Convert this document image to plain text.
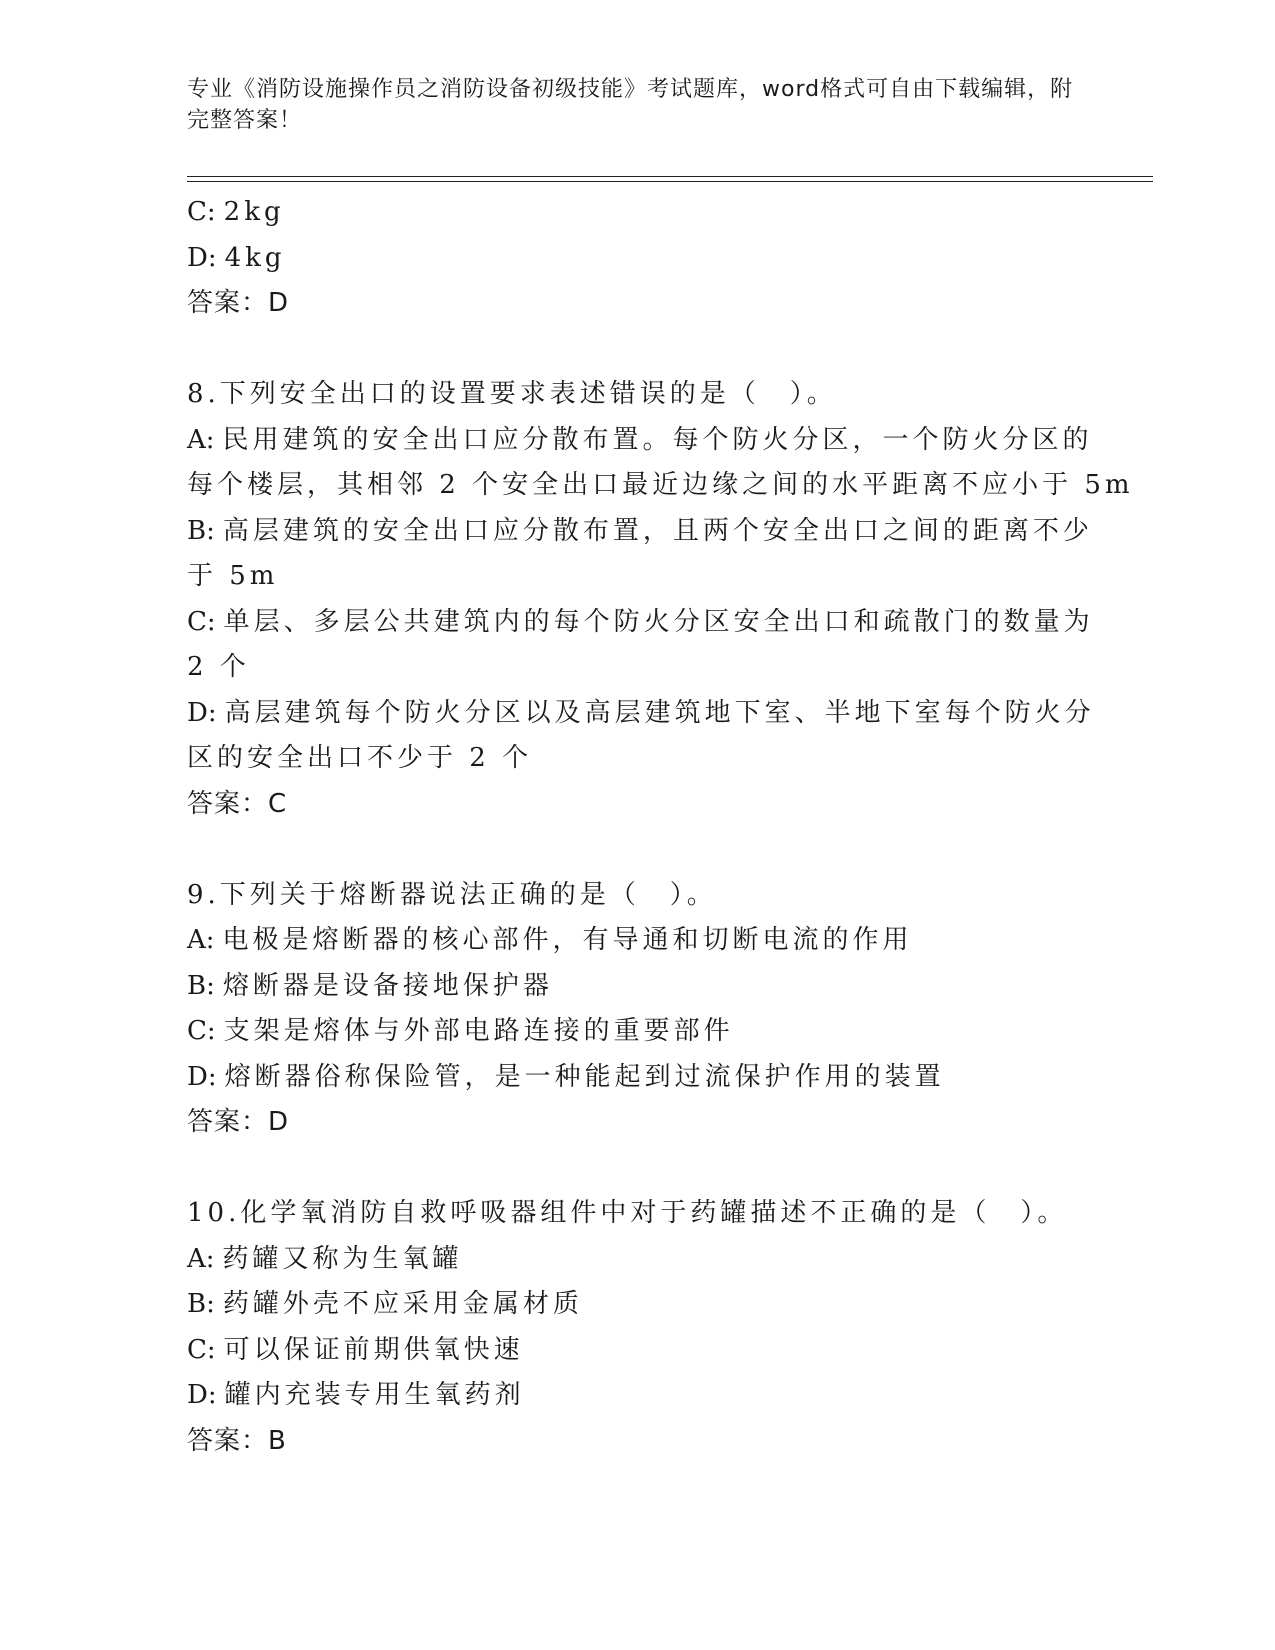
专业《消防设施操作员之消防设备初级技能》考试题库，word格式可自由下载编辑，附完整答案！
C: 2kg
D: 4kg
答案：D
8.下列安全出口的设置要求表述错误的是（　）。
A: 民用建筑的安全出口应分散布置。每个防火分区，一个防火分区的
每个楼层，其相邻 2 个安全出口最近边缘之间的水平距离不应小于 5m
B: 高层建筑的安全出口应分散布置，且两个安全出口之间的距离不少
于 5m
C: 单层、多层公共建筑内的每个防火分区安全出口和疏散门的数量为
2 个
D: 高层建筑每个防火分区以及高层建筑地下室、半地下室每个防火分
区的安全出口不少于 2 个
答案：C
9.下列关于熔断器说法正确的是（　）。
A: 电极是熔断器的核心部件，有导通和切断电流的作用
B: 熔断器是设备接地保护器
C: 支架是熔体与外部电路连接的重要部件
D: 熔断器俗称保险管，是一种能起到过流保护作用的装置
答案：D
10.化学氧消防自救呼吸器组件中对于药罐描述不正确的是（　）。
A: 药罐又称为生氧罐
B: 药罐外壳不应采用金属材质
C: 可以保证前期供氧快速
D: 罐内充装专用生氧药剂
答案：B
